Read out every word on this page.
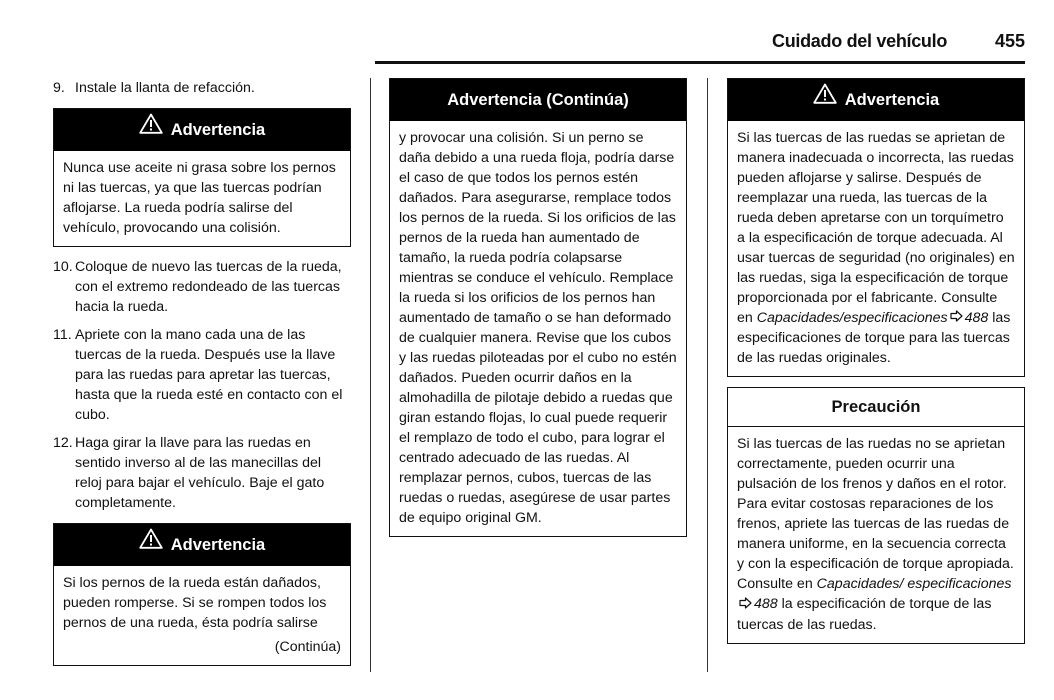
Cuidado del vehículo	455
9. Instale la llanta de refacción.
Advertencia
Nunca use aceite ni grasa sobre los pernos ni las tuercas, ya que las tuercas podrían aflojarse. La rueda podría salirse del vehículo, provocando una colisión.
10. Coloque de nuevo las tuercas de la rueda, con el extremo redondeado de las tuercas hacia la rueda.
11. Apriete con la mano cada una de las tuercas de la rueda. Después use la llave para las ruedas para apretar las tuercas, hasta que la rueda esté en contacto con el cubo.
12. Haga girar la llave para las ruedas en sentido inverso al de las manecillas del reloj para bajar el vehículo. Baje el gato completamente.
Advertencia
Si los pernos de la rueda están dañados, pueden romperse. Si se rompen todos los pernos de una rueda, ésta podría salirse
(Continúa)
Advertencia (Continúa)
y provocar una colisión. Si un perno se daña debido a una rueda floja, podría darse el caso de que todos los pernos estén dañados. Para asegurarse, remplace todos los pernos de la rueda. Si los orificios de las pernos de la rueda han aumentado de tamaño, la rueda podría colapsarse mientras se conduce el vehículo. Remplace la rueda si los orificios de los pernos han aumentado de tamaño o se han deformado de cualquier manera. Revise que los cubos y las ruedas piloteadas por el cubo no estén dañados. Pueden ocurrir daños en la almohadilla de pilotaje debido a ruedas que giran estando flojas, lo cual puede requerir el remplazo de todo el cubo, para lograr el centrado adecuado de las ruedas. Al remplazar pernos, cubos, tuercas de las ruedas o ruedas, asegúrese de usar partes de equipo original GM.
Advertencia
Si las tuercas de las ruedas se aprietan de manera inadecuada o incorrecta, las ruedas pueden aflojarse y salirse. Después de reemplazar una rueda, las tuercas de la rueda deben apretarse con un torquímetro a la especificación de torque adecuada. Al usar tuercas de seguridad (no originales) en las ruedas, siga la especificación de torque proporcionada por el fabricante. Consulte en Capacidades/especificaciones 488 las especificaciones de torque para las tuercas de las ruedas originales.
Precaución
Si las tuercas de las ruedas no se aprietan correctamente, pueden ocurrir una pulsación de los frenos y daños en el rotor. Para evitar costosas reparaciones de los frenos, apriete las tuercas de las ruedas de manera uniforme, en la secuencia correcta y con la especificación de torque apropiada. Consulte en Capacidades/ especificaciones488 la especificación de torque de las tuercas de las ruedas.
